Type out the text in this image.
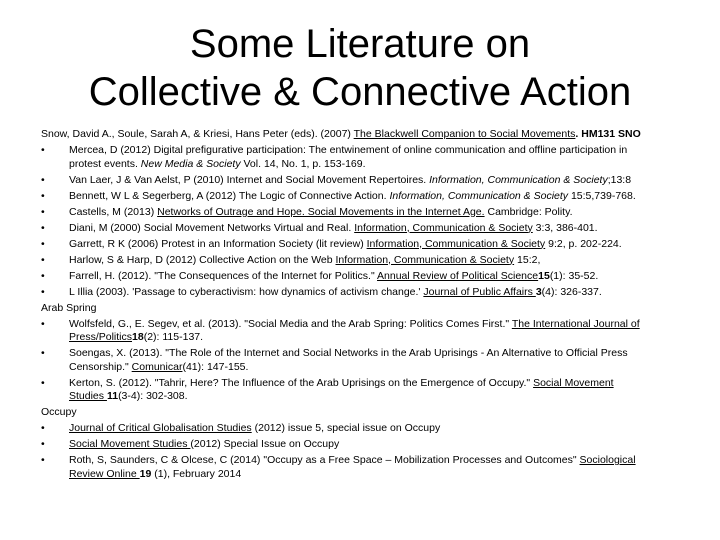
Some Literature on
Collective & Connective Action

Snow, David A., Soule, Sarah A, & Kriesi, Hans Peter (eds). (2007) The Blackwell Companion to Social Movements. HM131 SNO

• Mercea, D (2012) Digital prefigurative participation: The entwinement of online communication and offline participation in
protest events. New Media & Society Vol. 14, No. 1, p. 153-169.

• Van Laer, J & Van Aelst, P (2010) Internet and Social Movement Repertoires. Information, Communication & Society;13:8

• Bennett, W L & Segerberg, A (2012) The Logic of Connective Action. Information, Communication & Society 15:5,739-768.

• Castells, M (2013) Networks of Outrage and Hope. Social Movements in the Internet Age. Cambridge: Polity.

• Diani, M (2000) Social Movement Networks Virtual and Real. Information, Communication & Society 3:3, 386-401.

• Garrett, R K (2006) Protest in an Information Society (lit review) Information, Communication & Society 9:2, p. 202-224.

• Harlow, S & Harp, D (2012) Collective Action on the Web Information, Communication & Society 15:2,

• Farrell, H. (2012). "The Consequences of the Internet for Politics." Annual Review of Political Science15(1): 35-52.

• L Illia (2003). 'Passage to cyberactivism: how dynamics of activism change.' Journal of Public Affairs 3(4): 326-337.

Arab Spring

• Wolfsfeld, G., E. Segev, et al. (2013). "Social Media and the Arab Spring: Politics Comes First." The International Journal of
Press/Politics18(2): 115-137.

• Soengas, X. (2013). "The Role of the Internet and Social Networks in the Arab Uprisings - An Alternative to Official Press
Censorship." Comunicar(41): 147-155.

• Kerton, S. (2012). "Tahrir, Here? The Influence of the Arab Uprisings on the Emergence of Occupy." Social Movement
Studies 11(3-4): 302-308.

Occupy

• Journal of Critical Globalisation Studies (2012) issue 5, special issue on Occupy

• Social Movement Studies (2012) Special Issue on Occupy

• Roth, S, Saunders, C & Olcese, C (2014) "Occupy as a Free Space – Mobilization Processes and Outcomes" Sociological
Review Online 19 (1), February 2014
